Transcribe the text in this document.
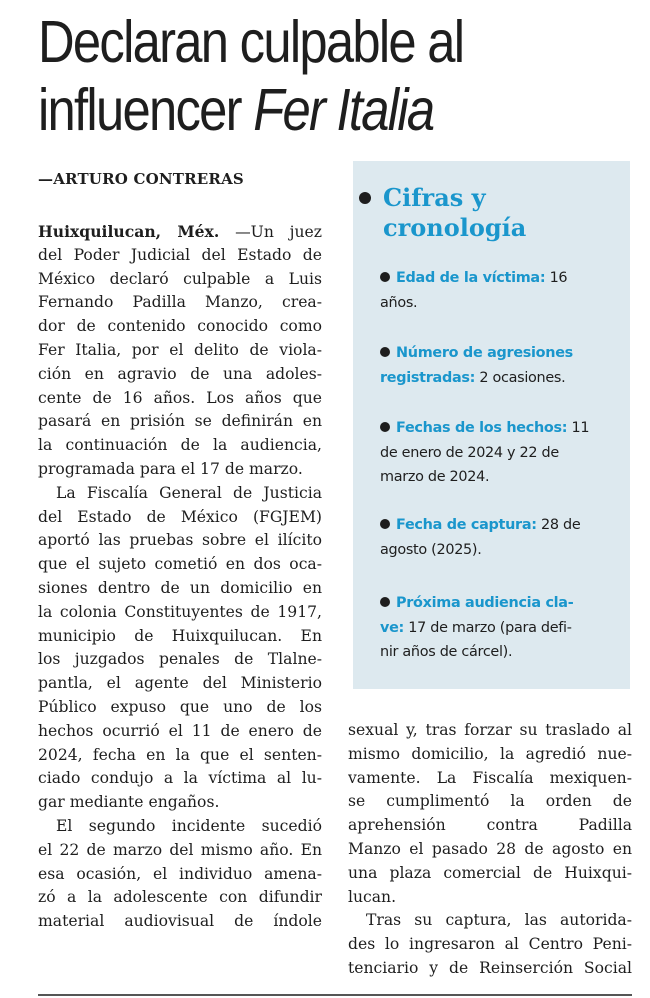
Declaran culpable al
influencer Fer Italia
—ARTURO CONTRERAS
Huixquilucan, Méx. —Un juez
del Poder Judicial del Estado de
México declaró culpable a Luis
Fernando Padilla Manzo, crea-
dor de contenido conocido como
Fer Italia, por el delito de viola-
ción en agravio de una adoles-
cente de 16 años. Los años que
pasará en prisión se definirán en
la continuación de la audiencia,
programada para el 17 de marzo.
La Fiscalía General de Justicia
del Estado de México (FGJEM)
aportó las pruebas sobre el ilícito
que el sujeto cometió en dos oca-
siones dentro de un domicilio en
la colonia Constituyentes de 1917,
municipio de Huixquilucan. En
los juzgados penales de Tlalne-
pantla, el agente del Ministerio
Público expuso que uno de los
hechos ocurrió el 11 de enero de
2024, fecha en la que el senten-
ciado condujo a la víctima al lu-
gar mediante engaños.
El segundo incidente sucedió
el 22 de marzo del mismo año. En
esa ocasión, el individuo amena-
zó a la adolescente con difundir
material audiovisual de índole
sexual y, tras forzar su traslado al
mismo domicilio, la agredió nue-
vamente. La Fiscalía mexiquen-
se cumplimentó la orden de
aprehensión contra Padilla
Manzo el pasado 28 de agosto en
una plaza comercial de Huixqui-
lucan.
Tras su captura, las autorida-
des lo ingresaron al Centro Peni-
tenciario y de Reinserción Social
Cifras y
cronología
Edad de la víctima: 16
años.
Número de agresiones
registradas: 2 ocasiones.
Fechas de los hechos: 11
de enero de 2024 y 22 de
marzo de 2024.
Fecha de captura: 28 de
agosto (2025).
Próxima audiencia cla-
ve: 17 de marzo (para defi-
nir años de cárcel).
